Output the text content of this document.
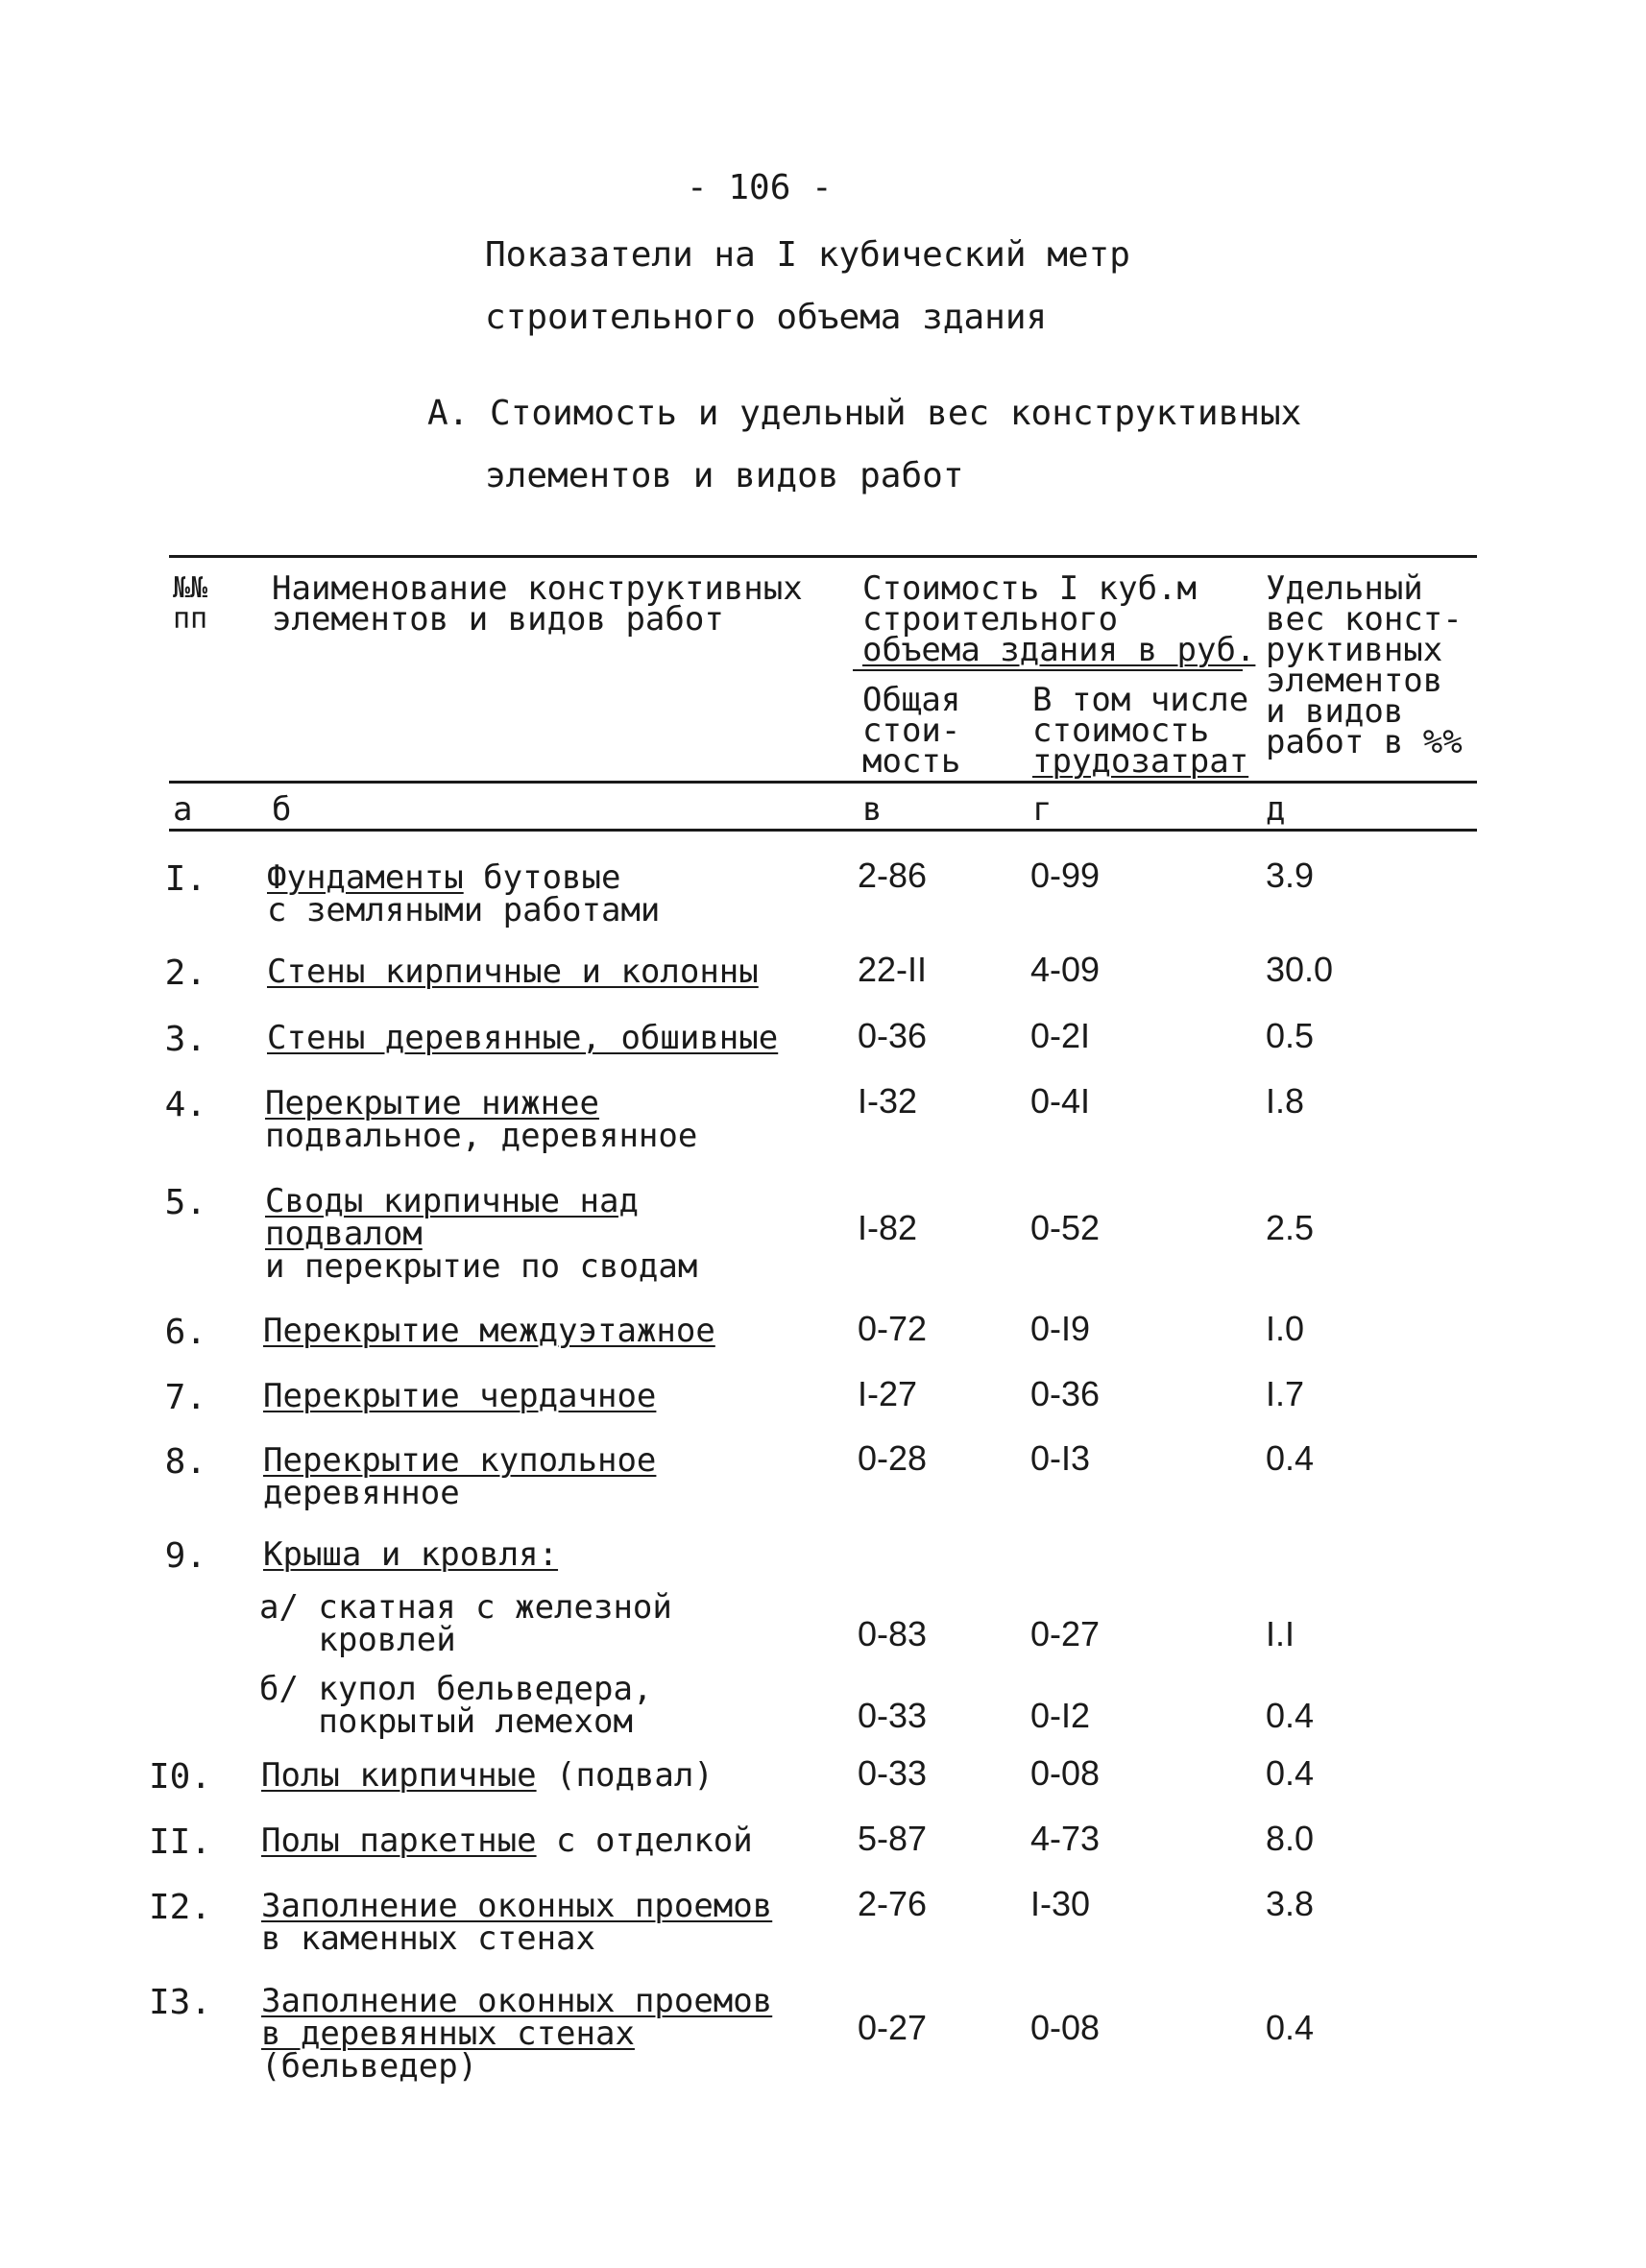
- 106 -
Показатели на I кубический метр
строительного объема здания
А. Стоимость и удельный вес конструктивных
элементов и видов работ
№№
пп
Наименование конструктивных
элементов и видов работ
Стоимость I куб.м
строительного
объема здания в руб.
Общая
стои-
мость
В том числе
стоимость
трудозатрат
Удельный
вес конст-
руктивных
элементов
и видов
работ в %%
а б	в	г	д
I. Фундаменты бутовые
с земляными работами
2-86	0-99	3.9
2. Стены кирпичные и колонны	22-II	4-09	30.0
3. Стены деревянные, обшивные 0-36	0-2I	0.5
4. Перекрытие нижнее
подвальное, деревянное
I-32	0-4I	I.8
5. Своды кирпичные над
подвалом
и перекрытие по сводам
I-82	0-52	2.5
6. Перекрытие междуэтажное	0-72	0-I9	I.0
7. Перекрытие чердачное	I-27	0-36	I.7
8. Перекрытие купольное
деревянное
0-28	0-I3	0.4
9. Крыша и кровля:
а/ скатная с железной
кровлей	0-83	0-27	I.I
б/ купол бельведера,
покрытый лемехом	0-33	0-I2	0.4
I0. Полы кирпичные (подвал)	0-33	0-08	0.4
II. Полы паркетные с отделкой	5-87	4-73	8.0
I2. Заполнение оконных проемов
в каменных стенах
2-76	I-30	3.8
I3. Заполнение оконных проемов
в деревянных стенах
(бельведер)
0-27	0-08	0.4
